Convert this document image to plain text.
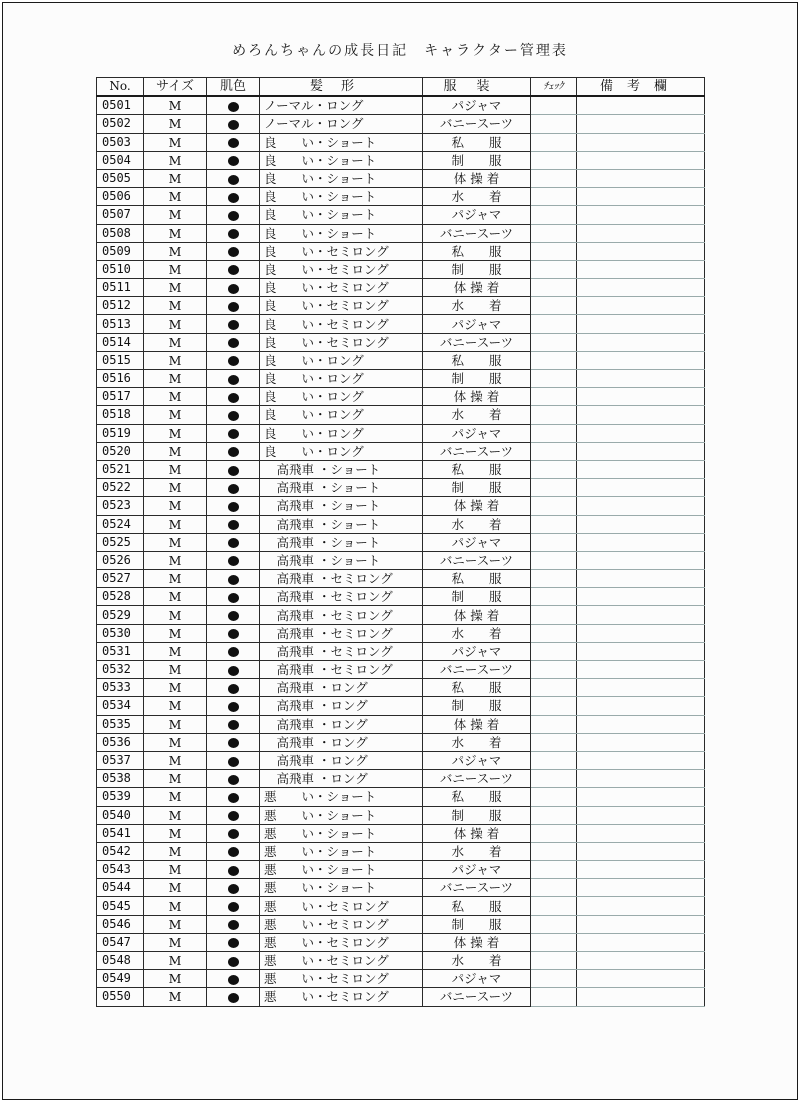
めろんちゃんの成長日記　キャラクター管理表
No.	サイズ	肌色	髪形	服装	ﾁｪｯｸ	備考欄
0501	M		ノーマル・ロング	パジャマ		
0502	M		ノーマル・ロング	バニースーツ		
0503	M		良　　い・ショート	私　　服		
0504	M		良　　い・ショート	制　　服		
0505	M		良　　い・ショート	体 操 着		
0506	M		良　　い・ショート	水　　着		
0507	M		良　　い・ショート	パジャマ		
0508	M		良　　い・ショート	バニースーツ		
0509	M		良　　い・セミロング	私　　服		
0510	M		良　　い・セミロング	制　　服		
0511	M		良　　い・セミロング	体 操 着		
0512	M		良　　い・セミロング	水　　着		
0513	M		良　　い・セミロング	パジャマ		
0514	M		良　　い・セミロング	バニースーツ		
0515	M		良　　い・ロング	私　　服		
0516	M		良　　い・ロング	制　　服		
0517	M		良　　い・ロング	体 操 着		
0518	M		良　　い・ロング	水　　着		
0519	M		良　　い・ロング	パジャマ		
0520	M		良　　い・ロング	バニースーツ		
0521	M		　高飛車 ・ショート	私　　服		
0522	M		　高飛車 ・ショート	制　　服		
0523	M		　高飛車 ・ショート	体 操 着		
0524	M		　高飛車 ・ショート	水　　着		
0525	M		　高飛車 ・ショート	パジャマ		
0526	M		　高飛車 ・ショート	バニースーツ		
0527	M		　高飛車 ・セミロング	私　　服		
0528	M		　高飛車 ・セミロング	制　　服		
0529	M		　高飛車 ・セミロング	体 操 着		
0530	M		　高飛車 ・セミロング	水　　着		
0531	M		　高飛車 ・セミロング	パジャマ		
0532	M		　高飛車 ・セミロング	バニースーツ		
0533	M		　高飛車 ・ロング	私　　服		
0534	M		　高飛車 ・ロング	制　　服		
0535	M		　高飛車 ・ロング	体 操 着		
0536	M		　高飛車 ・ロング	水　　着		
0537	M		　高飛車 ・ロング	パジャマ		
0538	M		　高飛車 ・ロング	バニースーツ		
0539	M		悪　　い・ショート	私　　服		
0540	M		悪　　い・ショート	制　　服		
0541	M		悪　　い・ショート	体 操 着		
0542	M		悪　　い・ショート	水　　着		
0543	M		悪　　い・ショート	パジャマ		
0544	M		悪　　い・ショート	バニースーツ		
0545	M		悪　　い・セミロング	私　　服		
0546	M		悪　　い・セミロング	制　　服		
0547	M		悪　　い・セミロング	体 操 着		
0548	M		悪　　い・セミロング	水　　着		
0549	M		悪　　い・セミロング	パジャマ		
0550	M		悪　　い・セミロング	バニースーツ		
